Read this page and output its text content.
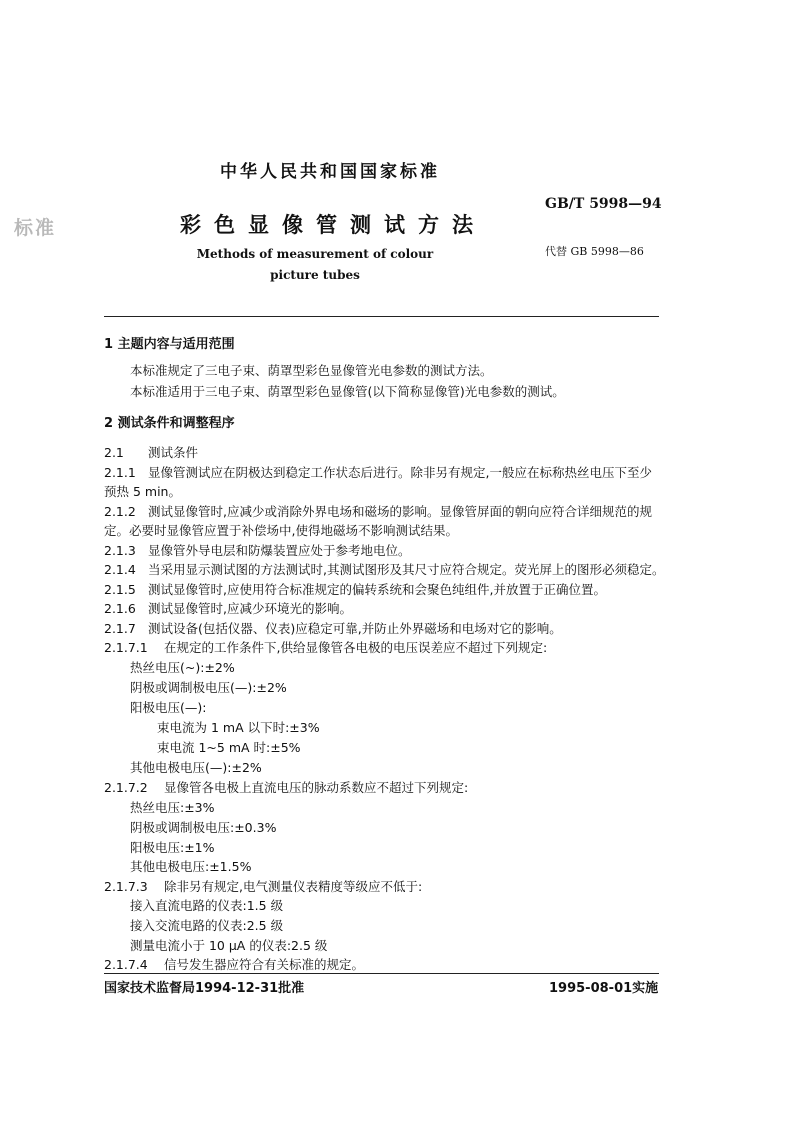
标准
中华人民共和国国家标准
GB/T 5998—94
彩色显像管测试方法
代替 GB 5998—86
Methods of measurement of colour
picture tubes
1 主题内容与适用范围
本标准规定了三电子束、荫罩型彩色显像管光电参数的测试方法。
本标准适用于三电子束、荫罩型彩色显像管(以下简称显像管)光电参数的测试。
2 测试条件和调整程序
2.1 测试条件
2.1.1 显像管测试应在阴极达到稳定工作状态后进行。除非另有规定,一般应在标称热丝电压下至少
预热 5 min。
2.1.2 测试显像管时,应减少或消除外界电场和磁场的影响。显像管屏面的朝向应符合详细规范的规
定。必要时显像管应置于补偿场中,使得地磁场不影响测试结果。
2.1.3 显像管外导电层和防爆装置应处于参考地电位。
2.1.4 当采用显示测试图的方法测试时,其测试图形及其尺寸应符合规定。荧光屏上的图形必须稳定。
2.1.5 测试显像管时,应使用符合标准规定的偏转系统和会聚色纯组件,并放置于正确位置。
2.1.6 测试显像管时,应减少环境光的影响。
2.1.7 测试设备(包括仪器、仪表)应稳定可靠,并防止外界磁场和电场对它的影响。
2.1.7.1 在规定的工作条件下,供给显像管各电极的电压误差应不超过下列规定:
热丝电压(~):±2%
阴极或调制极电压(—):±2%
阳极电压(—):
束电流为 1 mA 以下时:±3%
束电流 1~5 mA 时:±5%
其他电极电压(—):±2%
2.1.7.2 显像管各电极上直流电压的脉动系数应不超过下列规定:
热丝电压:±3%
阴极或调制极电压:±0.3%
阳极电压:±1%
其他电极电压:±1.5%
2.1.7.3 除非另有规定,电气测量仪表精度等级应不低于:
接入直流电路的仪表:1.5 级
接入交流电路的仪表:2.5 级
测量电流小于 10 μA 的仪表:2.5 级
2.1.7.4 信号发生器应符合有关标准的规定。
国家技术监督局1994-12-31批准	1995-08-01实施
